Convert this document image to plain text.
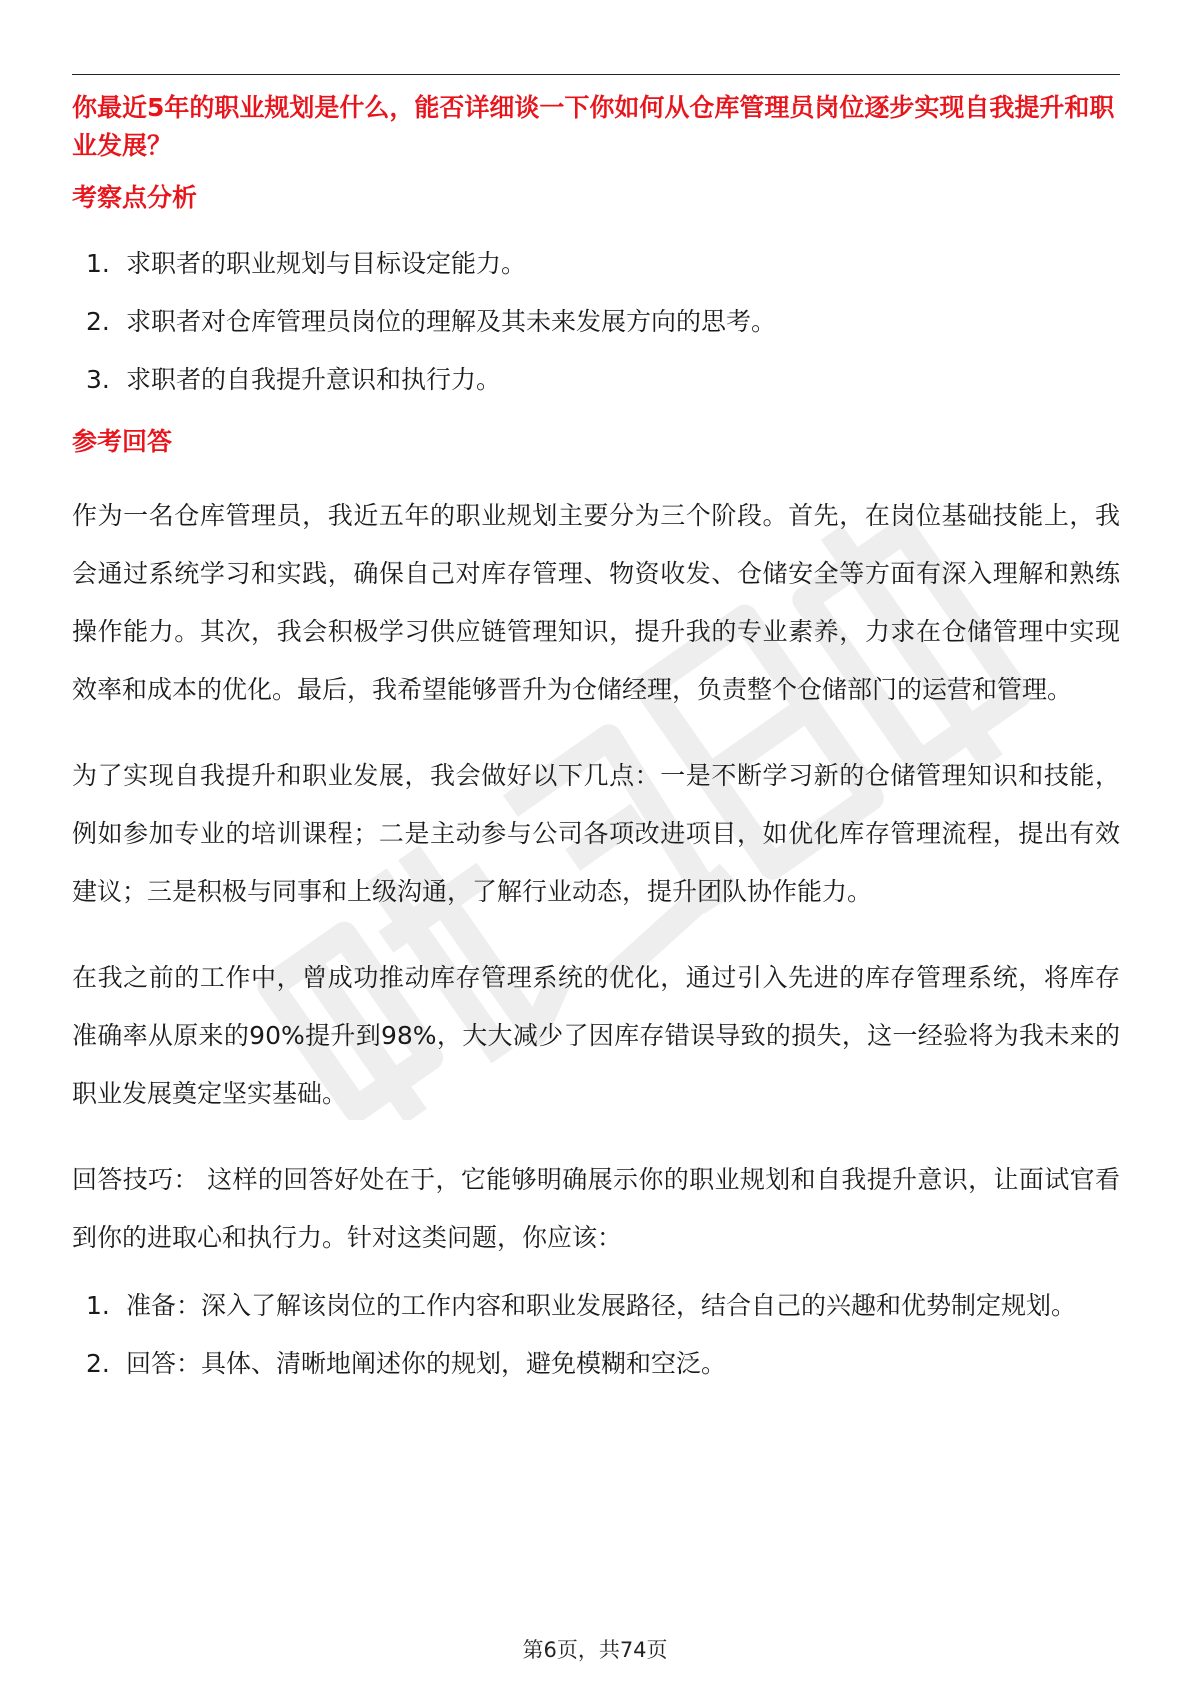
你最近5年的职业规划是什么，能否详细谈一下你如何从仓库管理员岗位逐步实现自我提升和职业发展？
考察点分析
1. 求职者的职业规划与目标设定能力。
2. 求职者对仓库管理员岗位的理解及其未来发展方向的思考。
3. 求职者的自我提升意识和执行力。
参考回答

作为一名仓库管理员，我近五年的职业规划主要分为三个阶段。首先，在岗位基础技能上，我会通过系统学习和实践，确保自己对库存管理、物资收发、仓储安全等方面有深入理解和熟练操作能力。其次，我会积极学习供应链管理知识，提升我的专业素养，力求在仓储管理中实现效率和成本的优化。最后，我希望能够晋升为仓储经理，负责整个仓储部门的运营和管理。

为了实现自我提升和职业发展，我会做好以下几点：一是不断学习新的仓储管理知识和技能，例如参加专业的培训课程；二是主动参与公司各项改进项目，如优化库存管理流程，提出有效建议；三是积极与同事和上级沟通，了解行业动态，提升团队协作能力。

在我之前的工作中，曾成功推动库存管理系统的优化，通过引入先进的库存管理系统，将库存准确率从原来的90%提升到98%，大大减少了因库存错误导致的损失，这一经验将为我未来的职业发展奠定坚实基础。

回答技巧： 这样的回答好处在于，它能够明确展示你的职业规划和自我提升意识，让面试官看到你的进取心和执行力。针对这类问题，你应该：

1. 准备：深入了解该岗位的工作内容和职业发展路径，结合自己的兴趣和优势制定规划。
2. 回答：具体、清晰地阐述你的规划，避免模糊和空泛。
第6页，共74页
